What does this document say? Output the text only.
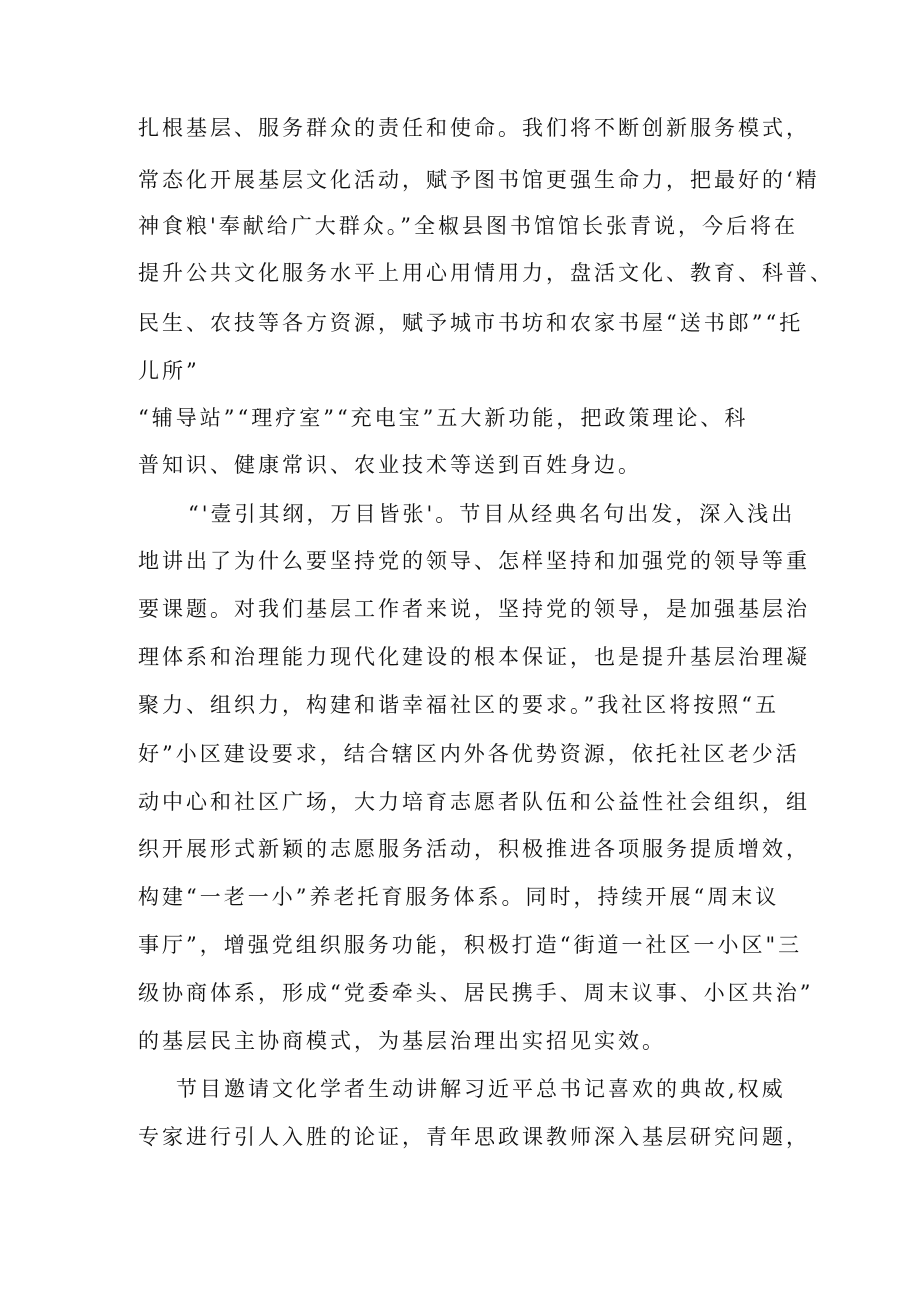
扎根基层、服务群众的责任和使命。我们将不断创新服务模式，
常态化开展基层文化活动，赋予图书馆更强生命力，把最好的‘精
神食粮'奉献给广大群众。”全椒县图书馆馆长张青说，今后将在
提升公共文化服务水平上用心用情用力，盘活文化、教育、科普、
民生、农技等各方资源，赋予城市书坊和农家书屋“送书郎”“托
儿所”
“辅导站”“理疗室”“充电宝”五大新功能，把政策理论、科
普知识、健康常识、农业技术等送到百姓身边。
“'壹引其纲，万目皆张'。节目从经典名句出发，深入浅出
地讲出了为什么要坚持党的领导、怎样坚持和加强党的领导等重
要课题。对我们基层工作者来说，坚持党的领导，是加强基层治
理体系和治理能力现代化建设的根本保证，也是提升基层治理凝
聚力、组织力，构建和谐幸福社区的要求。”我社区将按照“五
好”小区建设要求，结合辖区内外各优势资源，依托社区老少活
动中心和社区广场，大力培育志愿者队伍和公益性社会组织，组
织开展形式新颖的志愿服务活动，积极推进各项服务提质增效，
构建“一老一小”养老托育服务体系。同时，持续开展“周末议
事厅”，增强党组织服务功能，积极打造“街道一社区一小区"三
级协商体系，形成“党委牵头、居民携手、周末议事、小区共治”
的基层民主协商模式，为基层治理出实招见实效。
节目邀请文化学者生动讲解习近平总书记喜欢的典故,权威
专家进行引人入胜的论证，青年思政课教师深入基层研究问题，
